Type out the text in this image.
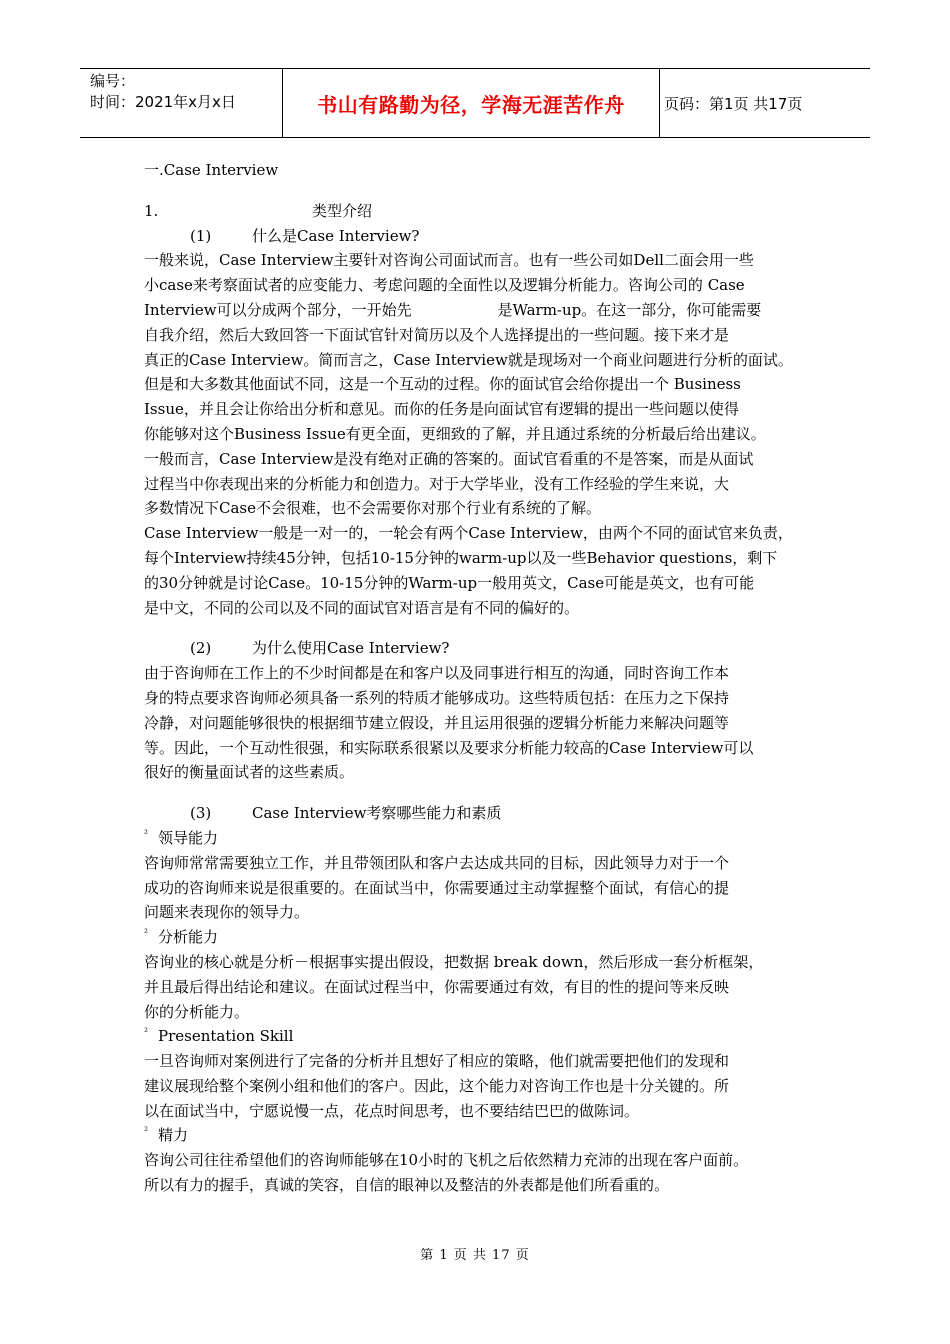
编号：
时间：2021年x月x日	书山有路勤为径，学海无涯苦作舟	页码：第1页 共17页
一.Case Interview
1.	类型介绍
(1)	什么是Case Interview?
一般来说，Case Interview主要针对咨询公司面试而言。也有一些公司如Dell二面会用一些
小case来考察面试者的应变能力、考虑问题的全面性以及逻辑分析能力。咨询公司的 Case
Interview可以分成两个部分，一开始先                  是Warm-up。在这一部分，你可能需要
自我介绍，然后大致回答一下面试官针对简历以及个人选择提出的一些问题。接下来才是
真正的Case Interview。简而言之，Case Interview就是现场对一个商业问题进行分析的面试。
但是和大多数其他面试不同，这是一个互动的过程。你的面试官会给你提出一个 Business
Issue，并且会让你给出分析和意见。而你的任务是向面试官有逻辑的提出一些问题以使得
你能够对这个Business Issue有更全面，更细致的了解，并且通过系统的分析最后给出建议。
一般而言，Case Interview是没有绝对正确的答案的。面试官看重的不是答案，而是从面试
过程当中你表现出来的分析能力和创造力。对于大学毕业，没有工作经验的学生来说，大
多数情况下Case不会很难，也不会需要你对那个行业有系统的了解。
Case Interview一般是一对一的，一轮会有两个Case Interview，由两个不同的面试官来负责，
每个Interview持续45分钟，包括10-15分钟的warm-up以及一些Behavior questions，剩下
的30分钟就是讨论Case。10-15分钟的Warm-up一般用英文，Case可能是英文，也有可能
是中文，不同的公司以及不同的面试官对语言是有不同的偏好的。
(2)	为什么使用Case Interview?
由于咨询师在工作上的不少时间都是在和客户以及同事进行相互的沟通，同时咨询工作本
身的特点要求咨询师必须具备一系列的特质才能够成功。这些特质包括：在压力之下保持
冷静，对问题能够很快的根据细节建立假设，并且运用很强的逻辑分析能力来解决问题等
等。因此，一个互动性很强，和实际联系很紧以及要求分析能力较高的Case Interview可以
很好的衡量面试者的这些素质。
(3)	Case Interview考察哪些能力和素质
² 领导能力
咨询师常常需要独立工作，并且带领团队和客户去达成共同的目标，因此领导力对于一个
成功的咨询师来说是很重要的。在面试当中，你需要通过主动掌握整个面试，有信心的提
问题来表现你的领导力。
² 分析能力
咨询业的核心就是分析－根据事实提出假设，把数据 break down，然后形成一套分析框架，
并且最后得出结论和建议。在面试过程当中，你需要通过有效，有目的性的提问等来反映
你的分析能力。
² Presentation Skill
一旦咨询师对案例进行了完备的分析并且想好了相应的策略，他们就需要把他们的发现和
建议展现给整个案例小组和他们的客户。因此，这个能力对咨询工作也是十分关键的。所
以在面试当中，宁愿说慢一点，花点时间思考，也不要结结巴巴的做陈词。
² 精力
咨询公司往往希望他们的咨询师能够在10小时的飞机之后依然精力充沛的出现在客户面前。
所以有力的握手，真诚的笑容，自信的眼神以及整洁的外表都是他们所看重的。
第 1 页 共 17 页
